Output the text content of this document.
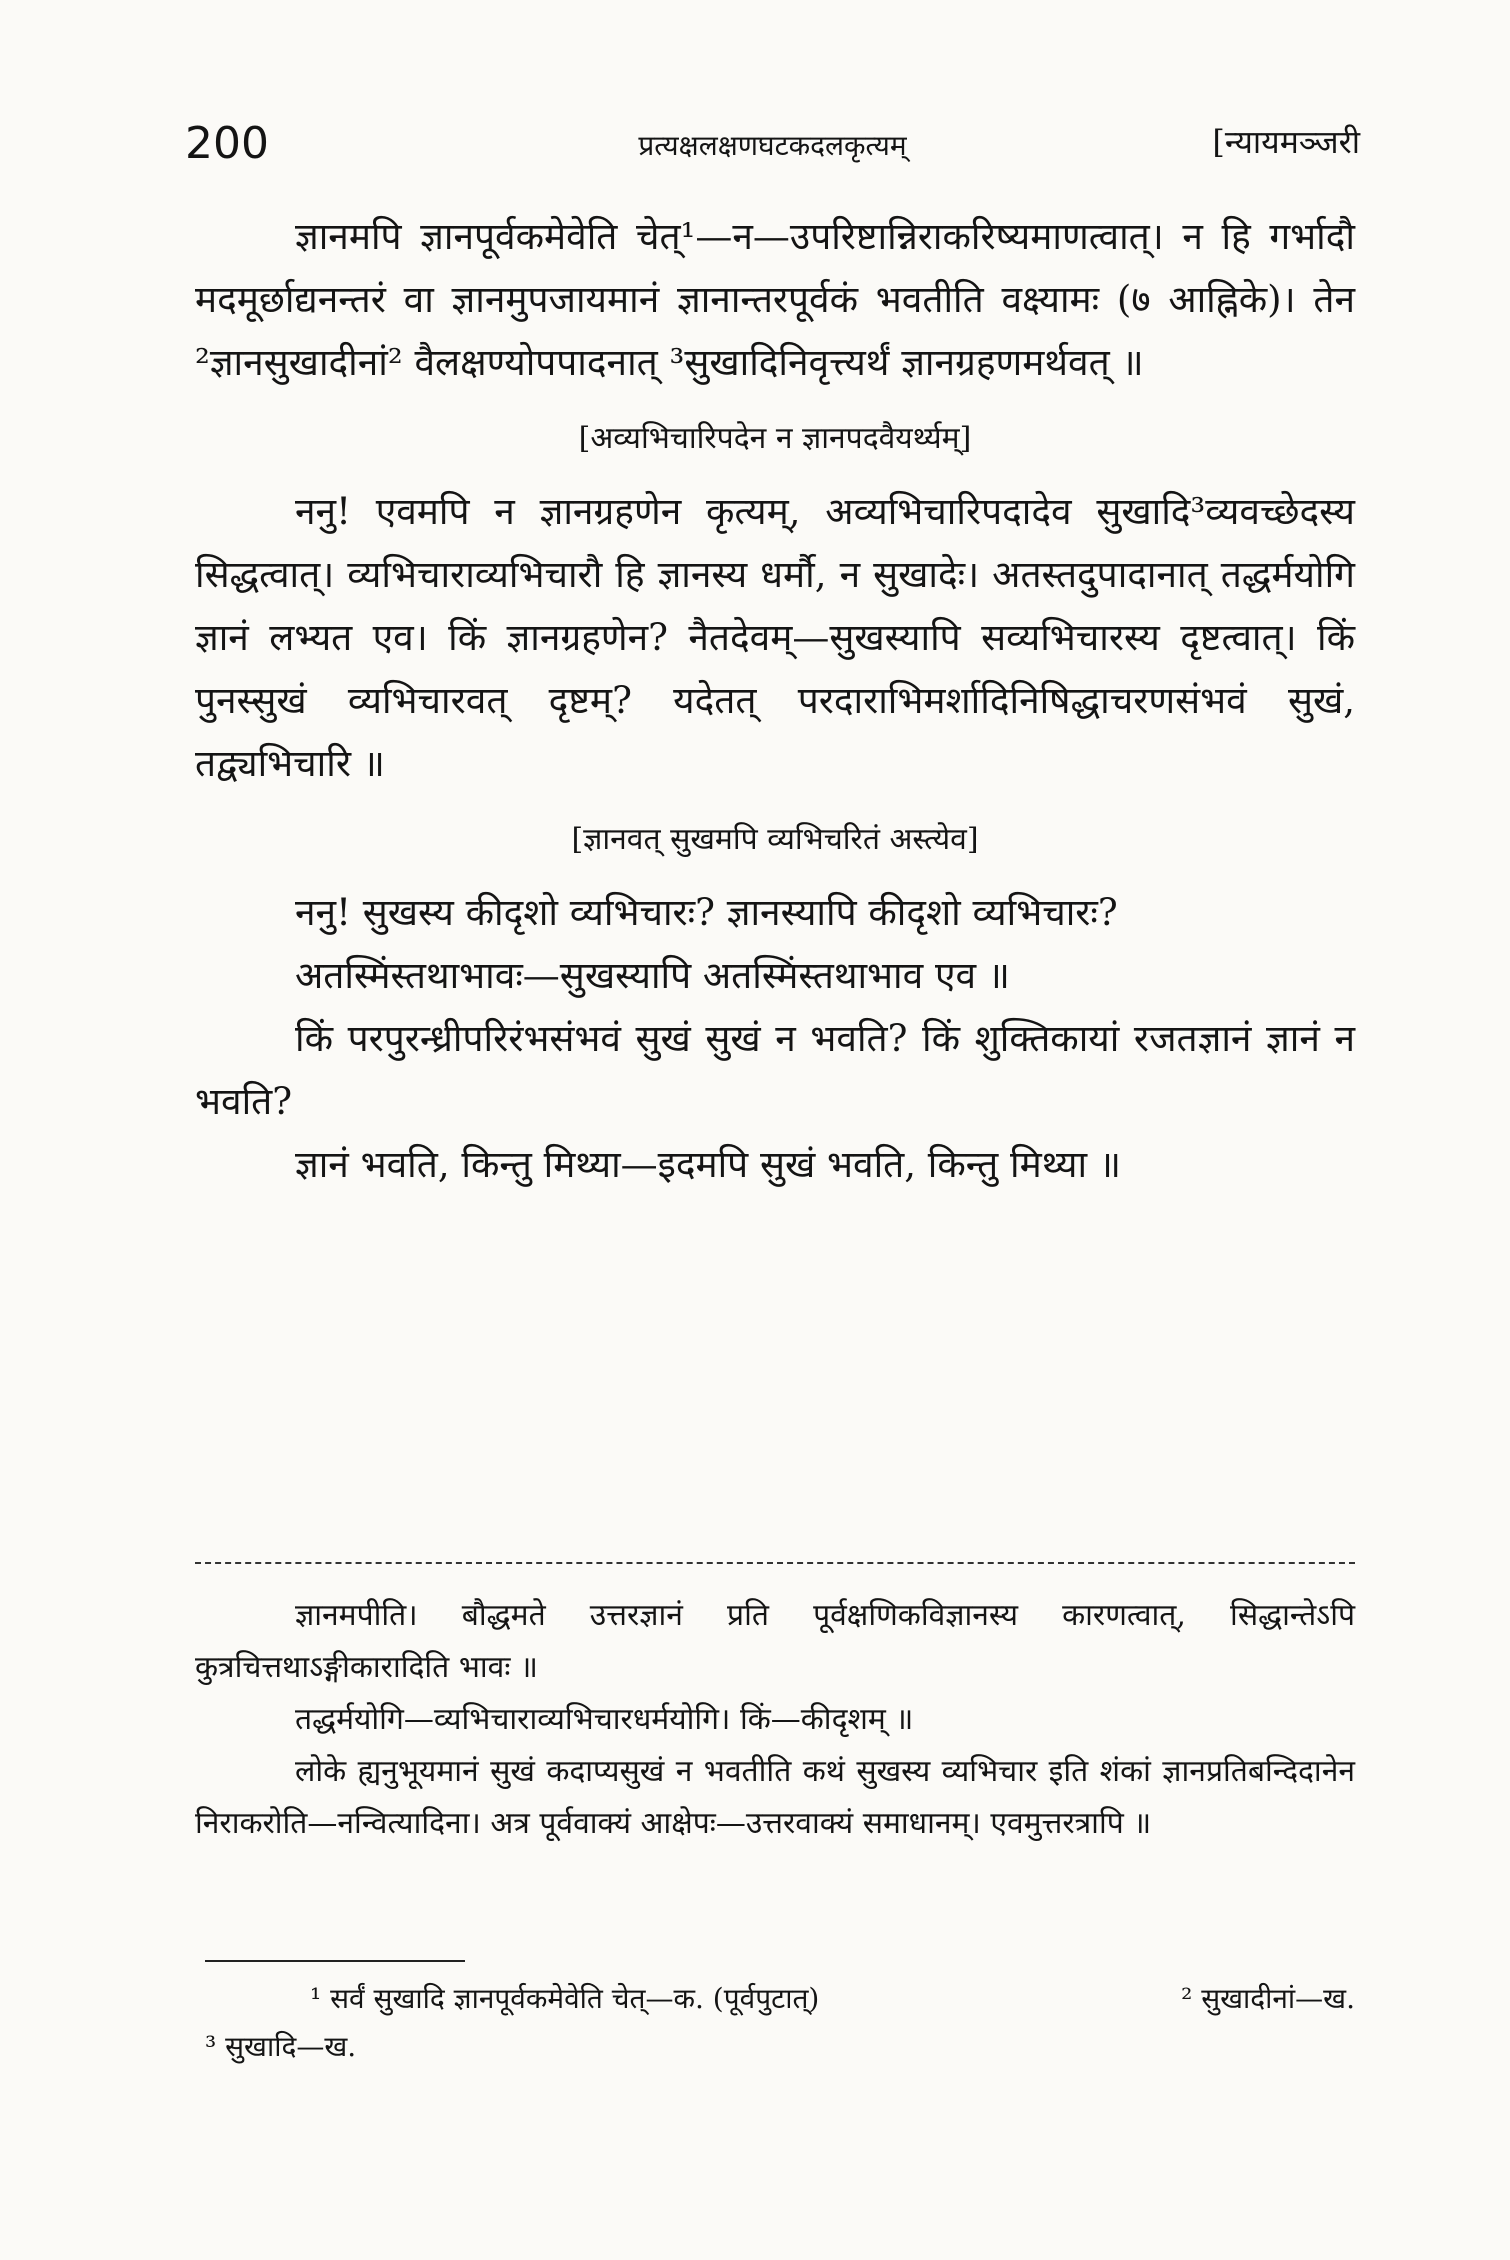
200	प्रत्यक्षलक्षणघटकदलकृत्यम्	[न्यायमञ्जरी

ज्ञानमपि ज्ञानपूर्वकमेवेति चेत्¹—न—उपरिष्टान्निराकरिष्यमाणत्वात्। न हि गर्भादौ मदमूर्छाद्यनन्तरं वा ज्ञानमुपजायमानं ज्ञानान्तरपूर्वकं भवतीति वक्ष्यामः (७ आह्निके)। तेन ²ज्ञानसुखादीनां² वैलक्षण्योपपादनात् ³सुखादिनिवृत्त्यर्थं ज्ञानग्रहणमर्थवत् ॥

[अव्यभिचारिपदेन न ज्ञानपदवैयर्थ्यम्]

ननु! एवमपि न ज्ञानग्रहणेन कृत्यम्, अव्यभिचारिपदादेव सुखादि³व्यवच्छेदस्य सिद्धत्वात्। व्यभिचाराव्यभिचारौ हि ज्ञानस्य धर्मौ, न सुखादेः। अतस्तदुपादानात् तद्धर्मयोगि ज्ञानं लभ्यत एव। किं ज्ञानग्रहणेन? नैतदेवम्—सुखस्यापि सव्यभिचारस्य दृष्टत्वात्। किं पुनस्सुखं व्यभिचारवत् दृष्टम्? यदेतत् परदाराभिमर्शादिनिषिद्धाचरणसंभवं सुखं, तद्व्यभिचारि ॥

[ज्ञानवत् सुखमपि व्यभिचरितं अस्त्येव]

ननु! सुखस्य कीदृशो व्यभिचारः? ज्ञानस्यापि कीदृशो व्यभिचारः?

अतस्मिंस्तथाभावः—सुखस्यापि अतस्मिंस्तथाभाव एव ॥

किं परपुरन्ध्रीपरिरंभसंभवं सुखं सुखं न भवति? किं शुक्तिकायां रजतज्ञानं ज्ञानं न भवति?

ज्ञानं भवति, किन्तु मिथ्या—इदमपि सुखं भवति, किन्तु मिथ्या ॥

ज्ञानमपीति। बौद्धमते उत्तरज्ञानं प्रति पूर्वक्षणिकविज्ञानस्य कारणत्वात्, सिद्धान्तेऽपि कुत्रचित्तथाऽङ्गीकारादिति भावः ॥

तद्धर्मयोगि—व्यभिचाराव्यभिचारधर्मयोगि। किं—कीदृशम् ॥

लोके ह्यनुभूयमानं सुखं कदाप्यसुखं न भवतीति कथं सुखस्य व्यभिचार इति शंकां ज्ञानप्रतिबन्दिदानेन निराकरोति—नन्वित्यादिना। अत्र पूर्ववाक्यं आक्षेपः—उत्तरवाक्यं समाधानम्। एवमुत्तरत्रापि ॥

¹ सर्वं सुखादि ज्ञानपूर्वकमेवेति चेत्—क. (पूर्वपुटात्)	² सुखादीनां—ख.
³ सुखादि—ख.
